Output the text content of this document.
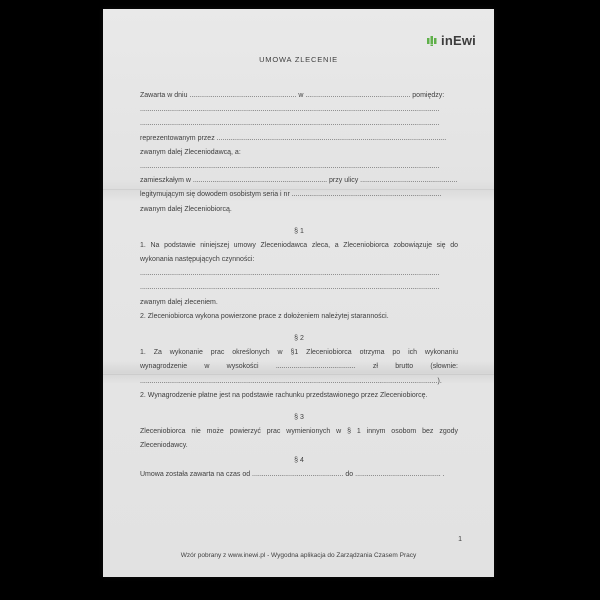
inEwi
UMOWA ZLECENIE
Zawarta w dniu ....................................................... w ...................................................... pomiędzy:
..........................................................................................................................................................
..........................................................................................................................................................
reprezentowanym przez ......................................................................................................................
zwanym dalej Zleceniodawcą, a:
..........................................................................................................................................................
zamieszkałym w ..................................................................... przy ulicy ..................................................
legitymującym się dowodem osobistym seria i nr .............................................................................
zwanym dalej Zleceniobiorcą.
§ 1
1. Na podstawie niniejszej umowy Zleceniodawca zleca, a Zleceniobiorca zobowiązuje się do
wykonania następujących czynności:
..........................................................................................................................................................
..........................................................................................................................................................
zwanym dalej zleceniem.
2. Zleceniobiorca wykona powierzone prace z dołożeniem należytej staranności.
§ 2
1. Za wykonanie prac określonych w §1 Zleceniobiorca otrzyma po ich wykonaniu
wynagrodzenie w wysokości ......................................... zł brutto (słownie:
.........................................................................................................................................................).
2. Wynagrodzenie płatne jest na podstawie rachunku przedstawionego przez Zleceniobiorcę.
§ 3
Zleceniobiorca nie może powierzyć prac wymienionych w § 1 innym osobom bez zgody
Zleceniodawcy.
§ 4
Umowa została zawarta na czas od ............................................... do ............................................ .
1
Wzór pobrany z www.inewi.pl - Wygodna aplikacja do Zarządzania Czasem Pracy
